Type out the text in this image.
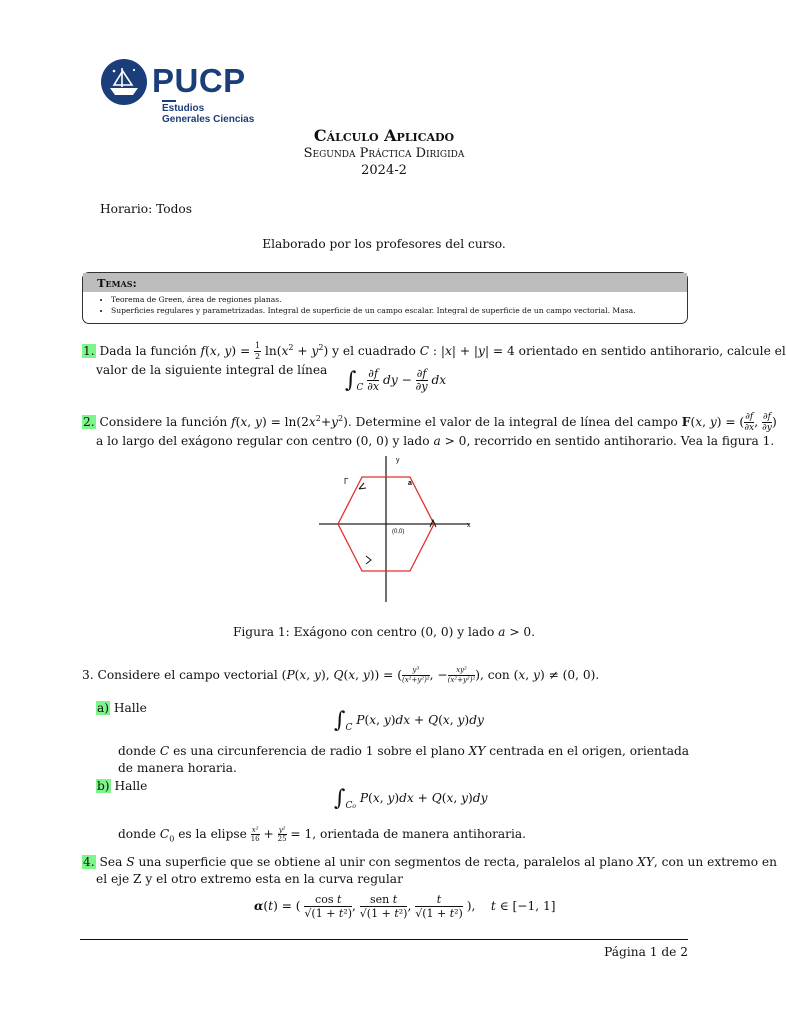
PUCP
Estudios
Generales Ciencias
Cálculo Aplicado
Segunda Práctica Dirigida
2024-2
Horario: Todos
Elaborado por los profesores del curso.
Temas:
• Teorema de Green, área de regiones planas.
• Superficies regulares y parametrizadas. Integral de superficie de un campo escalar. Integral de superficie de un campo vectorial. Masa.
1. Dada la función f(x, $y) = \frac{1}{2} \ln(x^2 + y^2)$ y el cuadrado C : |x| + |y| = 4 orientado en sentido antihorario, calcule el
valor de la siguiente integral de línea $\int_C \frac{\partial f}{\partial x}$ dy − $\frac{\partial f}{\partial y}$ dx
2. Considere la función f(x, $y) = \ln(2x^2+y^2)$. Determine el valor de la integral de línea del campo F(x, y) = ( $\frac{\partial f}{\partial x}$ , $\frac{\partial f}{\partial y}$ )
a lo largo del exágono regular con centro (0, 0) y lado a > 0, recorrido en sentido antihorario. Vea la figura 1.
y
x
Γ	a
(0,0)
Figura 1: Exágono con centro (0, 0) y lado a > 0.
3. Considere el campo vectorial (P(x, y), Q(x, y)) = ( $\frac{\text{y³}}{\text{(x²+y²)²}}$ , − $\frac{\text{xy²}}{\text{(x²+y²)²}}$ ), con (x, y) ≠ (0, 0).
a) Halle	$\int_C$ P(x, y)dx + Q(x, y)dy
donde C es una circunferencia de radio 1 sobre el plano XY centrada en el origen, orientada de manera horaria.
b) Halle	$\int_{C_0}$ P(x, y)dx + Q(x, y)dy
donde $C_0$ es la elipse $\frac{\text{x²}}{16} + \frac{\text{y²}}{25} = 1$, orientada de manera antihoraria.
4. Sea S una superficie que se obtiene al unir con segmentos de recta, paralelos al plano XY, con un extremo en
el eje Z y el otro extremo esta en la curva regular
α(t) = ( $\frac{\text{cos t}}{\text{√(1 + t²)}}$ , $\frac{\text{sen t}}{\text{√(1 + t²)}}$ , $\frac{t}{\text{√(1 + t²)}}$ ),    t ∈ [−1, 1]
Página 1 de 2
